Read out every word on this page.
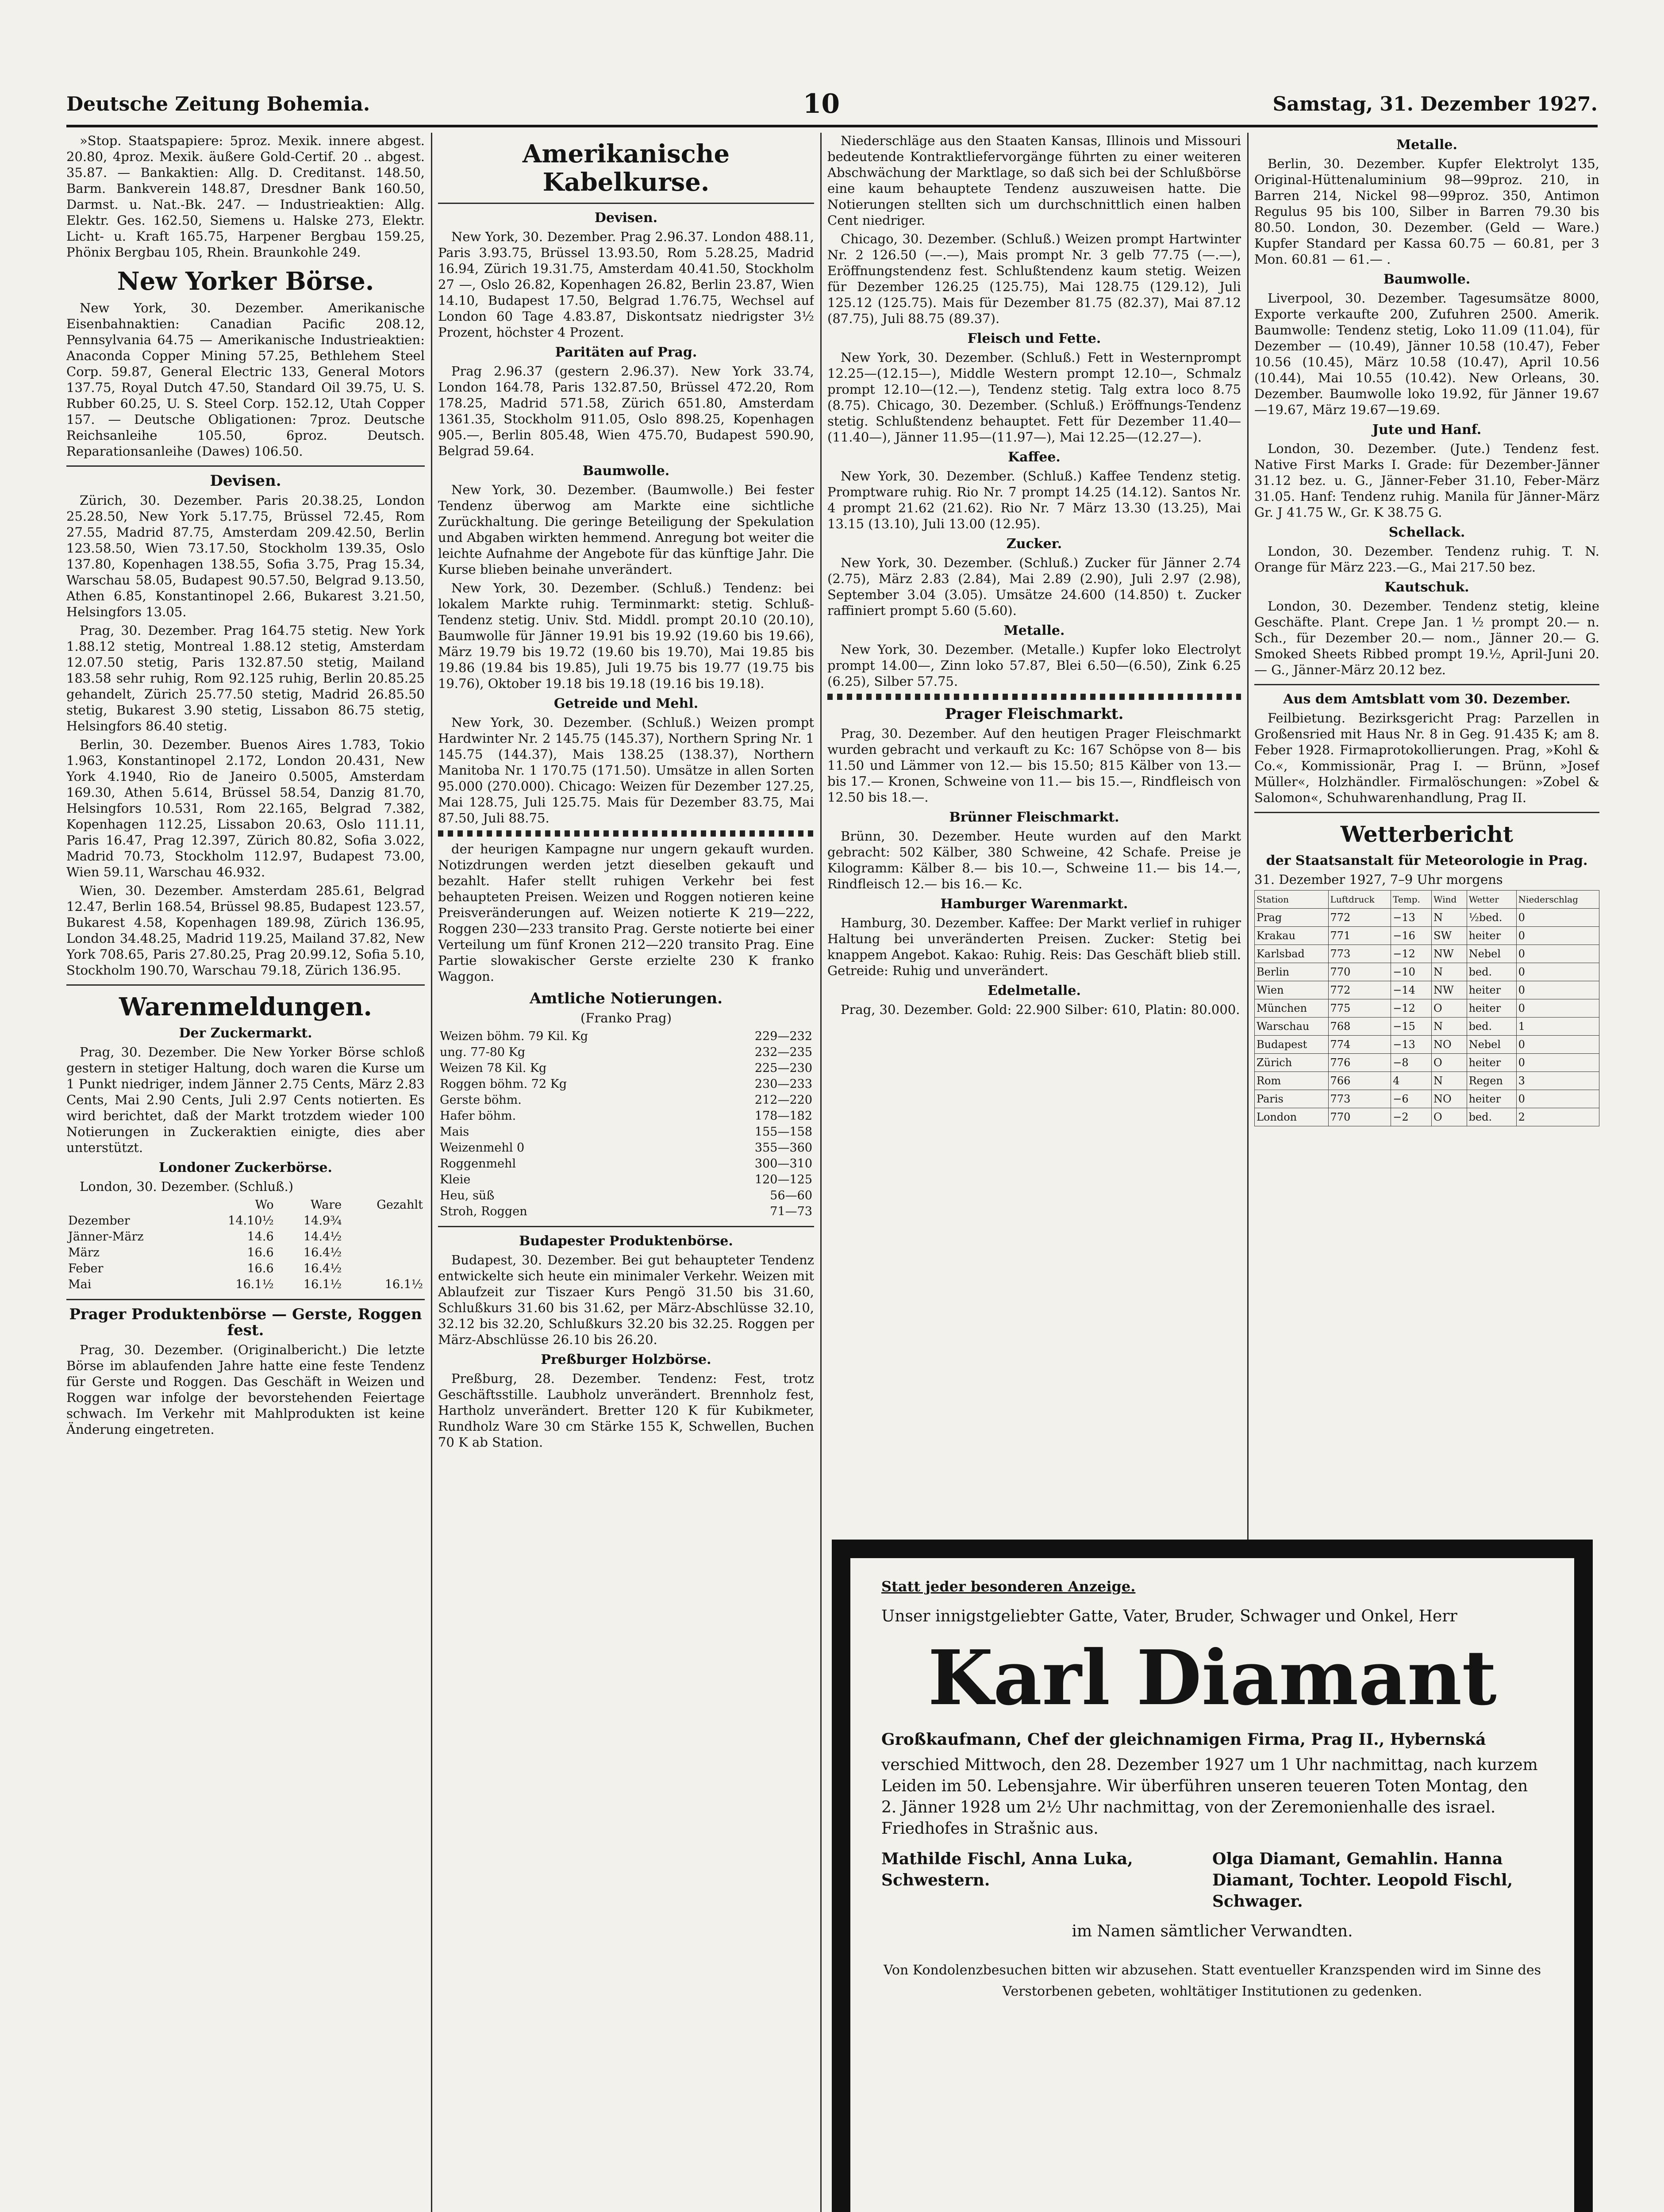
Deutsche Zeitung Bohemia.	10	Samstag, 31. Dezember 1927.

»Stop. Staatspapiere: 5proz. Mexik. innere abgest. 20.80, 4proz. Mexik. äußere Gold-Certif. 20 .. abgest. 35.87. — Bankaktien: Allg. D. Creditanst. 148.50, Barm. Bankverein 148.87, Dresdner Bank 160.50, Darmst. u. Nat.-Bk. 247. — Industrieaktien: Allg. Elektr. Ges. 162.50, Siemens u. Halske 273, Elektr. Licht- u. Kraft 165.75, Harpener Bergbau 159.25, Phönix Bergbau 105, Rhein. Braunkohle 249.

New Yorker Börse.

New York, 30. Dezember. Amerikanische Eisenbahnaktien: Canadian Pacific 208.12, Pennsylvania 64.75 — Amerikanische Industrieaktien: Anaconda Copper Mining 57.25, Bethlehem Steel Corp. 59.87, General Electric 133, General Motors 137.75, Royal Dutch 47.50, Standard Oil 39.75, U. S. Rubber 60.25, U. S. Steel Corp. 152.12, Utah Copper 157. — Deutsche Obligationen: 7proz. Deutsche Reichsanleihe 105.50, 6proz. Deutsch. Reparationsanleihe (Dawes) 106.50.

Devisen.

Zürich, 30. Dezember. Paris 20.38.25, London 25.28.50, New York 5.17.75, Brüssel 72.45, Rom 27.55, Madrid 87.75, Amsterdam 209.42.50, Berlin 123.58.50, Wien 73.17.50, Stockholm 139.35, Oslo 137.80, Kopenhagen 138.55, Sofia 3.75, Prag 15.34, Warschau 58.05, Budapest 90.57.50, Belgrad 9.13.50, Athen 6.85, Konstantinopel 2.66, Bukarest 3.21.50, Helsingfors 13.05.

Prag, 30. Dezember. Prag 164.75 stetig. New York 1.88.12 stetig, Montreal 1.88.12 stetig, Amsterdam 12.07.50 stetig, Paris 132.87.50 stetig, Mailand 183.58 sehr ruhig, Rom 92.125 ruhig, Berlin 20.85.25 gehandelt, Zürich 25.77.50 stetig, Madrid 26.85.50 stetig, Bukarest 3.90 stetig, Lissabon 86.75 stetig, Helsingfors 86.40 stetig.

Berlin, 30. Dezember. Buenos Aires 1.783, Tokio 1.963, Konstantinopel 2.172, London 20.431, New York 4.1940, Rio de Janeiro 0.5005, Amsterdam 169.30, Athen 5.614, Brüssel 58.54, Danzig 81.70, Helsingfors 10.531, Rom 22.165, Belgrad 7.382, Kopenhagen 112.25, Lissabon 20.63, Oslo 111.11, Paris 16.47, Prag 12.397, Zürich 80.82, Sofia 3.022, Madrid 70.73, Stockholm 112.97, Budapest 73.00, Wien 59.11, Warschau 46.932.

Wien, 30. Dezember. Amsterdam 285.61, Belgrad 12.47, Berlin 168.54, Brüssel 98.85, Budapest 123.57, Bukarest 4.58, Kopenhagen 189.98, Zürich 136.95, London 34.48.25, Madrid 119.25, Mailand 37.82, New York 708.65, Paris 27.80.25, Prag 20.99.12, Sofia 5.10, Stockholm 190.70, Warschau 79.18, Zürich 136.95.

Warenmeldungen.
Der Zuckermarkt.

Prag, 30. Dezember. Die New Yorker Börse schloß gestern in stetiger Haltung, doch waren die Kurse um 1 Punkt niedriger, indem Jänner 2.75 Cents, März 2.83 Cents, Mai 2.90 Cents, Juli 2.97 Cents notierten. Es wird berichtet, daß der Markt trotzdem wieder 100 Notierungen in Zuckeraktien einigte, dies aber unterstützt.

Londoner Zuckerbörse.

London, 30. Dezember. (Schluß.)

	Wo	Ware	Gezahlt
Dezember	14.10½	14.9¾	
Jänner-März	14.6	14.4½	
März	16.6	16.4½	
Feber	16.6	16.4½	
Mai	16.1½	16.1½	16.1½
Prager Produktenbörse — Gerste, Roggen fest.

Prag, 30. Dezember. (Originalbericht.) Die letzte Börse im ablaufenden Jahre hatte eine feste Tendenz für Gerste und Roggen. Das Geschäft in Weizen und Roggen war infolge der bevorstehenden Feiertage schwach. Im Verkehr mit Mahlprodukten ist keine Änderung eingetreten.

Amerikanische Kabelkurse.
Devisen.

New York, 30. Dezember. Prag 2.96.37. London 488.11, Paris 3.93.75, Brüssel 13.93.50, Rom 5.28.25, Madrid 16.94, Zürich 19.31.75, Amsterdam 40.41.50, Stockholm 27 —, Oslo 26.82, Kopenhagen 26.82, Berlin 23.87, Wien 14.10, Budapest 17.50, Belgrad 1.76.75, Wechsel auf London 60 Tage 4.83.87, Diskontsatz niedrigster 3½ Prozent, höchster 4 Prozent.

Paritäten auf Prag.

Prag 2.96.37 (gestern 2.96.37). New York 33.74, London 164.78, Paris 132.87.50, Brüssel 472.20, Rom 178.25, Madrid 571.58, Zürich 651.80, Amsterdam 1361.35, Stockholm 911.05, Oslo 898.25, Kopenhagen 905.—, Berlin 805.48, Wien 475.70, Budapest 590.90, Belgrad 59.64.

Baumwolle.

New York, 30. Dezember. (Baumwolle.) Bei fester Tendenz überwog am Markte eine sichtliche Zurückhaltung. Die geringe Beteiligung der Spekulation und Abgaben wirkten hemmend. Anregung bot weiter die leichte Aufnahme der Angebote für das künftige Jahr. Die Kurse blieben beinahe unverändert.

New York, 30. Dezember. (Schluß.) Tendenz: bei lokalem Markte ruhig. Terminmarkt: stetig. Schluß-Tendenz stetig. Univ. Std. Middl. prompt 20.10 (20.10), Baumwolle für Jänner 19.91 bis 19.92 (19.60 bis 19.66), März 19.79 bis 19.72 (19.60 bis 19.70), Mai 19.85 bis 19.86 (19.84 bis 19.85), Juli 19.75 bis 19.77 (19.75 bis 19.76), Oktober 19.18 bis 19.18 (19.16 bis 19.18).

Getreide und Mehl.

New York, 30. Dezember. (Schluß.) Weizen prompt Hardwinter Nr. 2 145.75 (145.37), Northern Spring Nr. 1 145.75 (144.37), Mais 138.25 (138.37), Northern Manitoba Nr. 1 170.75 (171.50). Umsätze in allen Sorten 95.000 (270.000). Chicago: Weizen für Dezember 127.25, Mai 128.75, Juli 125.75. Mais für Dezember 83.75, Mai 87.50, Juli 88.75.

der heurigen Kampagne nur ungern gekauft wurden. Notizdrungen werden jetzt dieselben gekauft und bezahlt. Hafer stellt ruhigen Verkehr bei fest behaupteten Preisen. Weizen und Roggen notieren keine Preisveränderungen auf. Weizen notierte K 219—222, Roggen 230—233 transito Prag. Gerste notierte bei einer Verteilung um fünf Kronen 212—220 transito Prag. Eine Partie slowakischer Gerste erzielte 230 K franko Waggon.

Amtliche Notierungen.

(Franko Prag)

Weizen böhm. 79 Kil. Kg	229—232
ung. 77-80 Kg	232—235
Weizen 78 Kil. Kg	225—230
Roggen böhm. 72 Kg	230—233
Gerste böhm.	212—220
Hafer böhm.	178—182
Mais	155—158
Weizenmehl 0	355—360
Roggenmehl	300—310
Kleie	120—125
Heu, süß	56—60
Stroh, Roggen	71—73
Budapester Produktenbörse.

Budapest, 30. Dezember. Bei gut behaupteter Tendenz entwickelte sich heute ein minimaler Verkehr. Weizen mit Ablaufzeit zur Tiszaer Kurs Pengö 31.50 bis 31.60, Schlußkurs 31.60 bis 31.62, per März-Abschlüsse 32.10, 32.12 bis 32.20, Schlußkurs 32.20 bis 32.25. Roggen per März-Abschlüsse 26.10 bis 26.20.

Preßburger Holzbörse.

Preßburg, 28. Dezember. Tendenz: Fest, trotz Geschäftsstille. Laubholz unverändert. Brennholz fest, Hartholz unverändert. Bretter 120 K für Kubikmeter, Rundholz Ware 30 cm Stärke 155 K, Schwellen, Buchen 70 K ab Station.

Niederschläge aus den Staaten Kansas, Illinois und Missouri bedeutende Kontraktliefervorgänge führten zu einer weiteren Abschwächung der Marktlage, so daß sich bei der Schlußbörse eine kaum behauptete Tendenz auszuweisen hatte. Die Notierungen stellten sich um durchschnittlich einen halben Cent niedriger.

Chicago, 30. Dezember. (Schluß.) Weizen prompt Hartwinter Nr. 2 126.50 (—.—), Mais prompt Nr. 3 gelb 77.75 (—.—), Eröffnungstendenz fest. Schlußtendenz kaum stetig. Weizen für Dezember 126.25 (125.75), Mai 128.75 (129.12), Juli 125.12 (125.75). Mais für Dezember 81.75 (82.37), Mai 87.12 (87.75), Juli 88.75 (89.37).

Fleisch und Fette.

New York, 30. Dezember. (Schluß.) Fett in Westernprompt 12.25—(12.15—), Middle Western prompt 12.10—, Schmalz prompt 12.10—(12.—), Tendenz stetig. Talg extra loco 8.75 (8.75). Chicago, 30. Dezember. (Schluß.) Eröffnungs-Tendenz stetig. Schlußtendenz behauptet. Fett für Dezember 11.40—(11.40—), Jänner 11.95—(11.97—), Mai 12.25—(12.27—).

Kaffee.

New York, 30. Dezember. (Schluß.) Kaffee Tendenz stetig. Promptware ruhig. Rio Nr. 7 prompt 14.25 (14.12). Santos Nr. 4 prompt 21.62 (21.62). Rio Nr. 7 März 13.30 (13.25), Mai 13.15 (13.10), Juli 13.00 (12.95).

Zucker.

New York, 30. Dezember. (Schluß.) Zucker für Jänner 2.74 (2.75), März 2.83 (2.84), Mai 2.89 (2.90), Juli 2.97 (2.98), September 3.04 (3.05). Umsätze 24.600 (14.850) t. Zucker raffiniert prompt 5.60 (5.60).

Metalle.

New York, 30. Dezember. (Metalle.) Kupfer loko Electrolyt prompt 14.00—, Zinn loko 57.87, Blei 6.50—(6.50), Zink 6.25 (6.25), Silber 57.75.

Prager Fleischmarkt.

Prag, 30. Dezember. Auf den heutigen Prager Fleischmarkt wurden gebracht und verkauft zu Kc: 167 Schöpse von 8— bis 11.50 und Lämmer von 12.— bis 15.50; 815 Kälber von 13.— bis 17.— Kronen, Schweine von 11.— bis 15.—, Rindfleisch von 12.50 bis 18.—.

Brünner Fleischmarkt.

Brünn, 30. Dezember. Heute wurden auf den Markt gebracht: 502 Kälber, 380 Schweine, 42 Schafe. Preise je Kilogramm: Kälber 8.— bis 10.—, Schweine 11.— bis 14.—, Rindfleisch 12.— bis 16.— Kc.

Hamburger Warenmarkt.

Hamburg, 30. Dezember. Kaffee: Der Markt verlief in ruhiger Haltung bei unveränderten Preisen. Zucker: Stetig bei knappem Angebot. Kakao: Ruhig. Reis: Das Geschäft blieb still. Getreide: Ruhig und unverändert.

Edelmetalle.

Prag, 30. Dezember. Gold: 22.900 Silber: 610, Platin: 80.000.

Metalle.

Berlin, 30. Dezember. Kupfer Elektrolyt 135, Original-Hüttenaluminium 98—99proz. 210, in Barren 214, Nickel 98—99proz. 350, Antimon Regulus 95 bis 100, Silber in Barren 79.30 bis 80.50. London, 30. Dezember. (Geld — Ware.) Kupfer Standard per Kassa 60.75 — 60.81, per 3 Mon. 60.81 — 61.— .

Baumwolle.

Liverpool, 30. Dezember. Tagesumsätze 8000, Exporte verkaufte 200, Zufuhren 2500. Amerik. Baumwolle: Tendenz stetig, Loko 11.09 (11.04), für Dezember — (10.49), Jänner 10.58 (10.47), Feber 10.56 (10.45), März 10.58 (10.47), April 10.56 (10.44), Mai 10.55 (10.42). New Orleans, 30. Dezember. Baumwolle loko 19.92, für Jänner 19.67—19.67, März 19.67—19.69.

Jute und Hanf.

London, 30. Dezember. (Jute.) Tendenz fest. Native First Marks I. Grade: für Dezember-Jänner 31.12 bez. u. G., Jänner-Feber 31.10, Feber-März 31.05. Hanf: Tendenz ruhig. Manila für Jänner-März Gr. J 41.75 W., Gr. K 38.75 G.

Schellack.

London, 30. Dezember. Tendenz ruhig. T. N. Orange für März 223.—G., Mai 217.50 bez.

Kautschuk.

London, 30. Dezember. Tendenz stetig, kleine Geschäfte. Plant. Crepe Jan. 1 ½ prompt 20.— n. Sch., für Dezember 20.— nom., Jänner 20.— G. Smoked Sheets Ribbed prompt 19.½, April-Juni 20.— G., Jänner-März 20.12 bez.

Aus dem Amtsblatt vom 30. Dezember.

Feilbietung. Bezirksgericht Prag: Parzellen in Großensried mit Haus Nr. 8 in Geg. 91.435 K; am 8. Feber 1928. Firmaprotokollierungen. Prag, »Kohl & Co.«, Kommissionär, Prag I. — Brünn, »Josef Müller«, Holzhändler. Firmalöschungen: »Zobel & Salomon«, Schuhwarenhandlung, Prag II.

Wetterbericht
der Staatsanstalt für Meteorologie in Prag.

31. Dezember 1927, 7–9 Uhr morgens

Station	Luftdruck	Temp.	Wind	Wetter	Niederschlag
Prag	772	−13	N	½bed.	0
Krakau	771	−16	SW	heiter	0
Karlsbad	773	−12	NW	Nebel	0
Berlin	770	−10	N	bed.	0
Wien	772	−14	NW	heiter	0
München	775	−12	O	heiter	0
Warschau	768	−15	N	bed.	1
Budapest	774	−13	NO	Nebel	0
Zürich	776	−8	O	heiter	0
Rom	766	4	N	Regen	3
Paris	773	−6	NO	heiter	0
London	770	−2	O	bed.	2
Statt jeder besonderen Anzeige.
Unser innigstgeliebter Gatte, Vater, Bruder, Schwager und Onkel, Herr
Karl Diamant
Großkaufmann, Chef der gleichnamigen Firma, Prag II., Hybernská
verschied Mittwoch, den 28. Dezember 1927 um 1 Uhr nachmittag, nach kurzem Leiden im 50. Lebensjahre. Wir überführen unseren teueren Toten Montag, den 2. Jänner 1928 um 2½ Uhr nachmittag, von der Zeremonienhalle des israel. Friedhofes in Strašnic aus.
Mathilde Fischl, Anna Luka, Schwestern.
Olga Diamant, Gemahlin. Hanna Diamant, Tochter. Leopold Fischl, Schwager.
im Namen sämtlicher Verwandten.
Von Kondolenzbesuchen bitten wir abzusehen. Statt eventueller Kranzspenden wird im Sinne des Verstorbenen gebeten, wohltätiger Institutionen zu gedenken.
